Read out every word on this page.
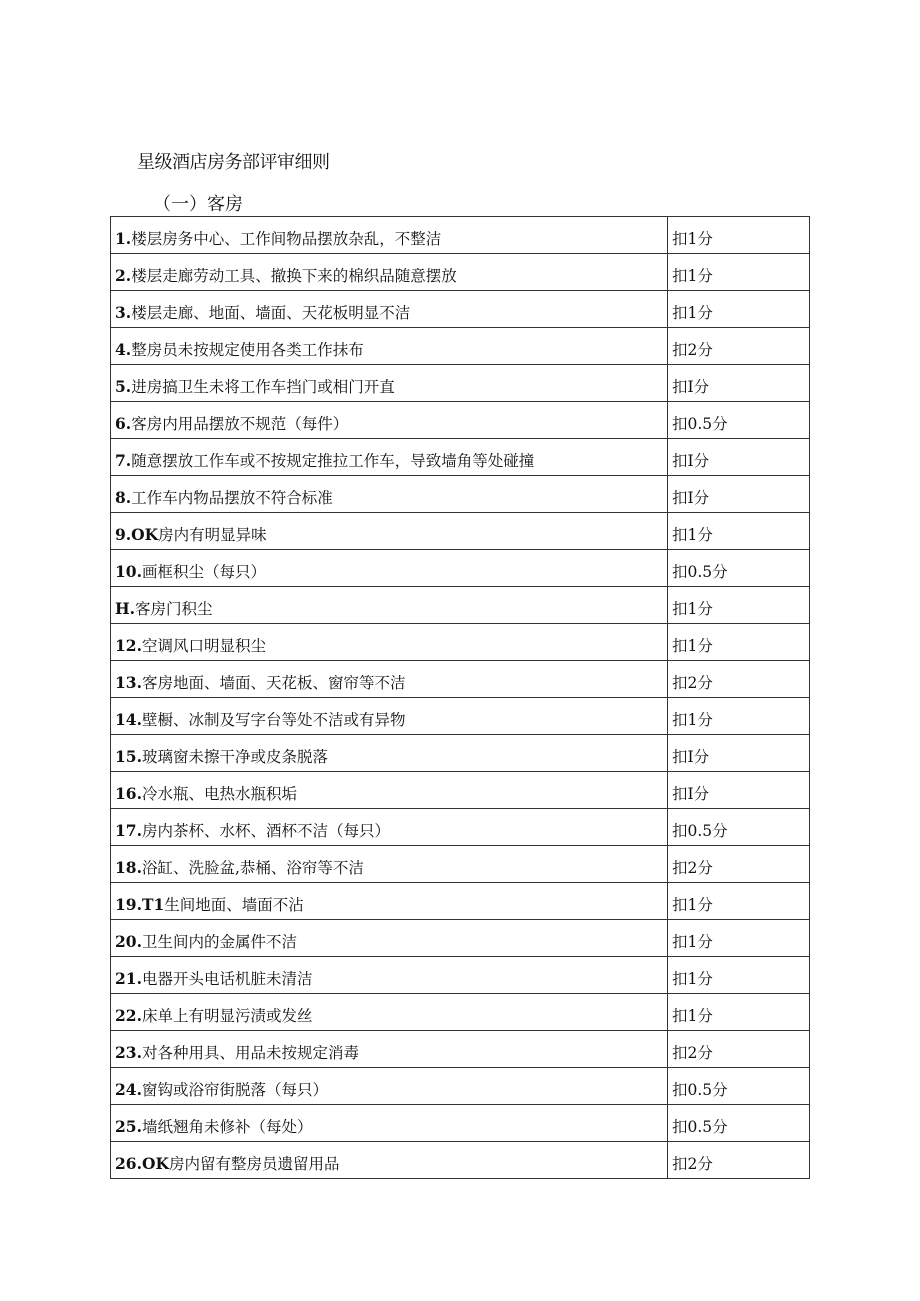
星级酒店房务部评审细则
（一）客房
1.楼层房务中心、工作间物品摆放杂乱，不整洁	扣1分
2.楼层走廊劳动工具、撤换下来的棉织品随意摆放	扣1分
3.楼层走廊、地面、墙面、天花板明显不洁	扣1分
4.整房员未按规定使用各类工作抹布	扣2分
5.进房搞卫生未将工作车挡门或相门开直	扣I分
6.客房内用品摆放不规范（每件）	扣0.5分
7.随意摆放工作车或不按规定推拉工作车，导致墙角等处碰撞	扣I分
8.工作车内物品摆放不符合标准	扣I分
9.OK房内有明显异味	扣1分
10.画框积尘（每只）	扣0.5分
H.客房门积尘	扣1分
12.空调风口明显积尘	扣1分
13.客房地面、墙面、天花板、窗帘等不洁	扣2分
14.壁橱、冰制及写字台等处不洁或有异物	扣1分
15.玻璃窗未擦干净或皮条脱落	扣I分
16.冷水瓶、电热水瓶积垢	扣I分
17.房内茶杯、水杯、酒杯不洁（每只）	扣0.5分
18.浴缸、洗脸盆,恭桶、浴帘等不洁	扣2分
19.T1生间地面、墙面不沾	扣1分
20.卫生间内的金属件不洁	扣1分
21.电器开头电话机脏未清洁	扣1分
22.床单上有明显污渍或发丝	扣1分
23.对各种用具、用品未按规定消毒	扣2分
24.窗钩或浴帘街脱落（每只）	扣0.5分
25.墙纸翘角未修补（每处）	扣0.5分
26.OK房内留有整房员遗留用品	扣2分
